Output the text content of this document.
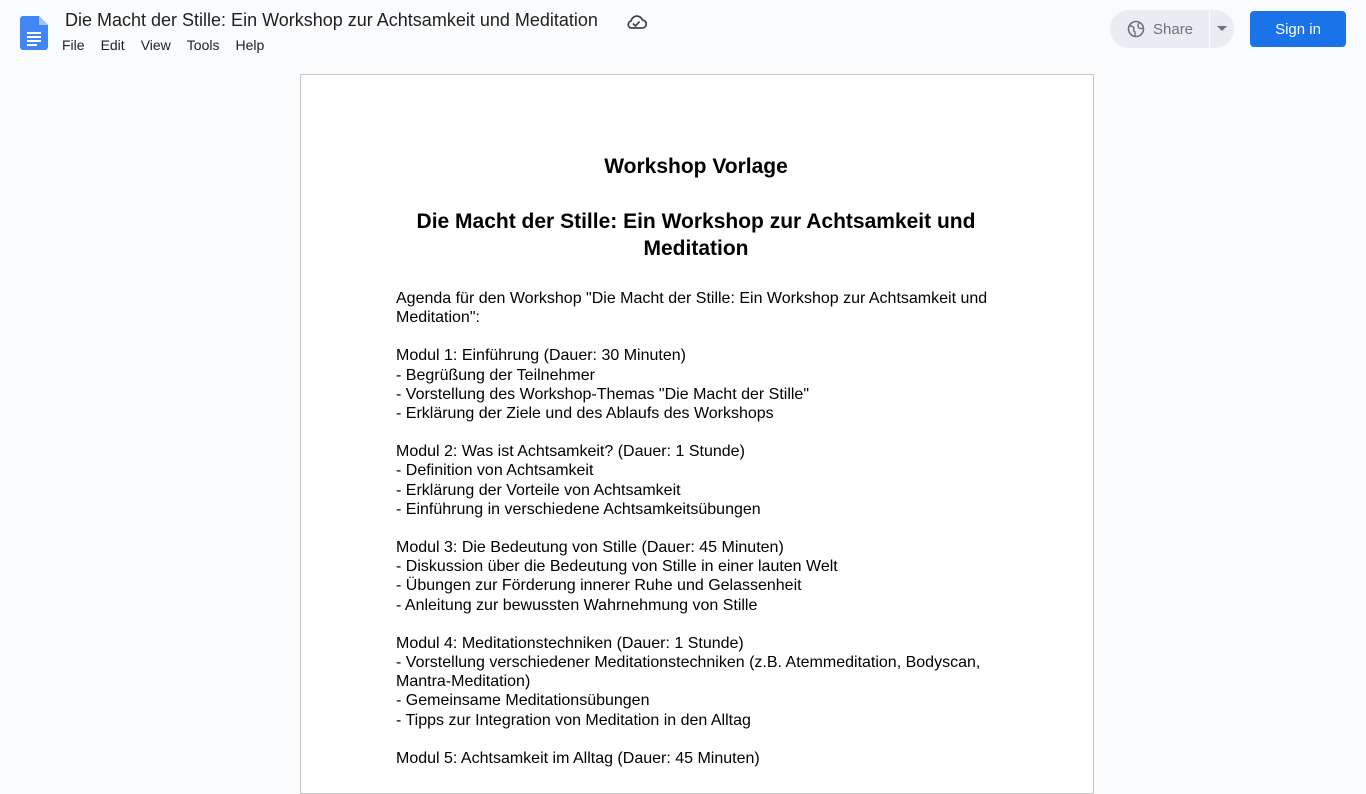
Die Macht der Stille: Ein Workshop zur Achtsamkeit und Meditation
File	Edit	View	Tools	Help
Share	Sign in

Workshop Vorlage

Die Macht der Stille: Ein Workshop zur Achtsamkeit und Meditation

Agenda für den Workshop "Die Macht der Stille: Ein Workshop zur Achtsamkeit und Meditation":
Modul 1: Einführung (Dauer: 30 Minuten)
- Begrüßung der Teilnehmer
- Vorstellung des Workshop-Themas "Die Macht der Stille"
- Erklärung der Ziele und des Ablaufs des Workshops
Modul 2: Was ist Achtsamkeit? (Dauer: 1 Stunde)
- Definition von Achtsamkeit
- Erklärung der Vorteile von Achtsamkeit
- Einführung in verschiedene Achtsamkeitsübungen
Modul 3: Die Bedeutung von Stille (Dauer: 45 Minuten)
- Diskussion über die Bedeutung von Stille in einer lauten Welt
- Übungen zur Förderung innerer Ruhe und Gelassenheit
- Anleitung zur bewussten Wahrnehmung von Stille
Modul 4: Meditationstechniken (Dauer: 1 Stunde)
- Vorstellung verschiedener Meditationstechniken (z.B. Atemmeditation, Bodyscan, Mantra-Meditation)
- Gemeinsame Meditationsübungen
- Tipps zur Integration von Meditation in den Alltag
Modul 5: Achtsamkeit im Alltag (Dauer: 45 Minuten)
